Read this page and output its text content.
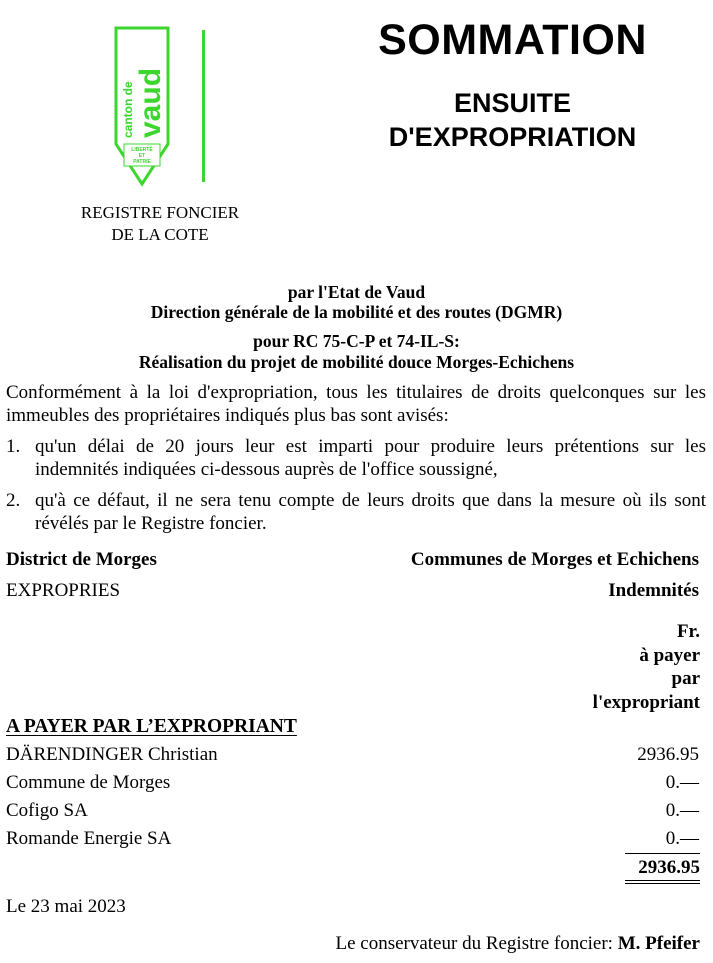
canton de vaud
LIBERTÉ
ET
PATRIE
SOMMATION
ENSUITE
D'EXPROPRIATION
REGISTRE FONCIER
DE LA COTE
par l'Etat de Vaud
Direction générale de la mobilité et des routes (DGMR)
pour RC 75-C-P et 74-IL-S:
Réalisation du projet de mobilité douce Morges-Echichens
Conformément à la loi d'expropriation, tous les titulaires de droits quelconques sur les immeubles des propriétaires indiqués plus bas sont avisés:
1. qu'un délai de 20 jours leur est imparti pour produire leurs prétentions sur les indemnités indiquées ci-dessous auprès de l'office soussigné,
2. qu'à ce défaut, il ne sera tenu compte de leurs droits que dans la mesure où ils sont révélés par le Registre foncier.
District de Morges	Communes de Morges et Echichens
EXPROPRIES	Indemnités
Fr.
à payer
par
l'expropriant
A PAYER PAR L’EXPROPRIANT
DÄRENDINGER Christian	2936.95
Commune de Morges	0.—
Cofigo SA	0.—
Romande Energie SA	0.—
2936.95
Le 23 mai 2023
Le conservateur du Registre foncier: M. Pfeifer
